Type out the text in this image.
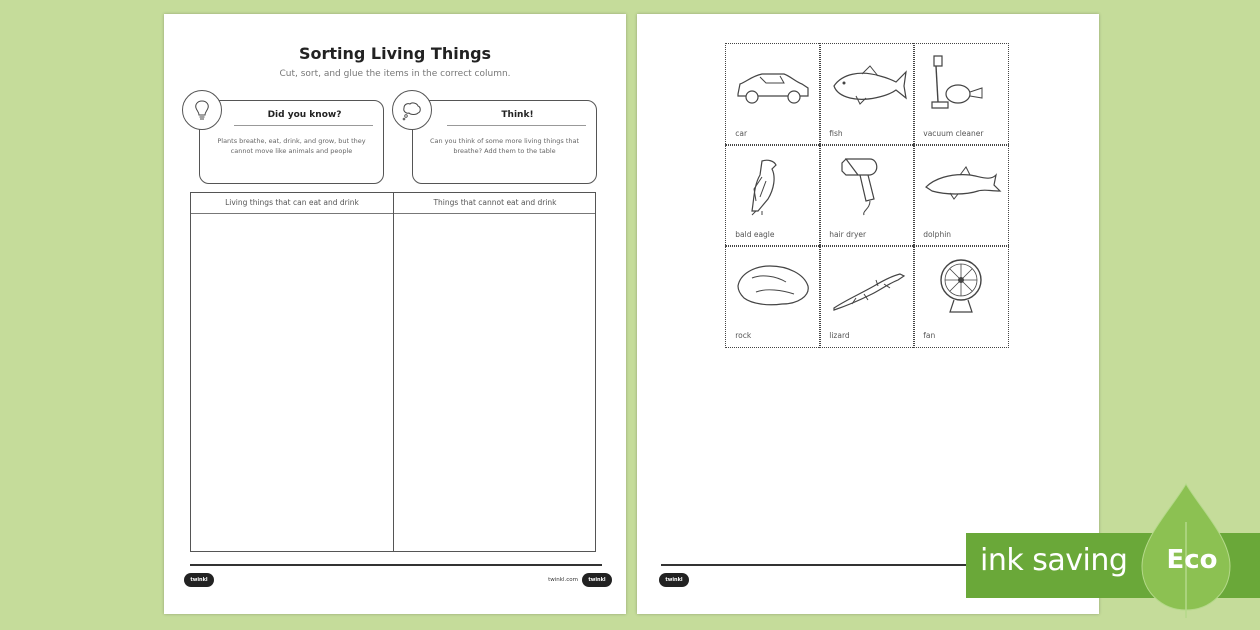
Sorting Living Things
Cut, sort, and glue the items in the correct column.
Did you know?
Plants breathe, eat, drink, and grow, but they cannot move like animals and people
Think!
Can you think of some more living things that breathe? Add them to the table
Living things that can eat and drink	Things that cannot eat and drink
twinkl	twinkl.com	twinkl
car	fish	vacuum cleaner
bald eagle	hair dryer	dolphin
rock	lizard	fan
twinkl
ink saving	Eco
